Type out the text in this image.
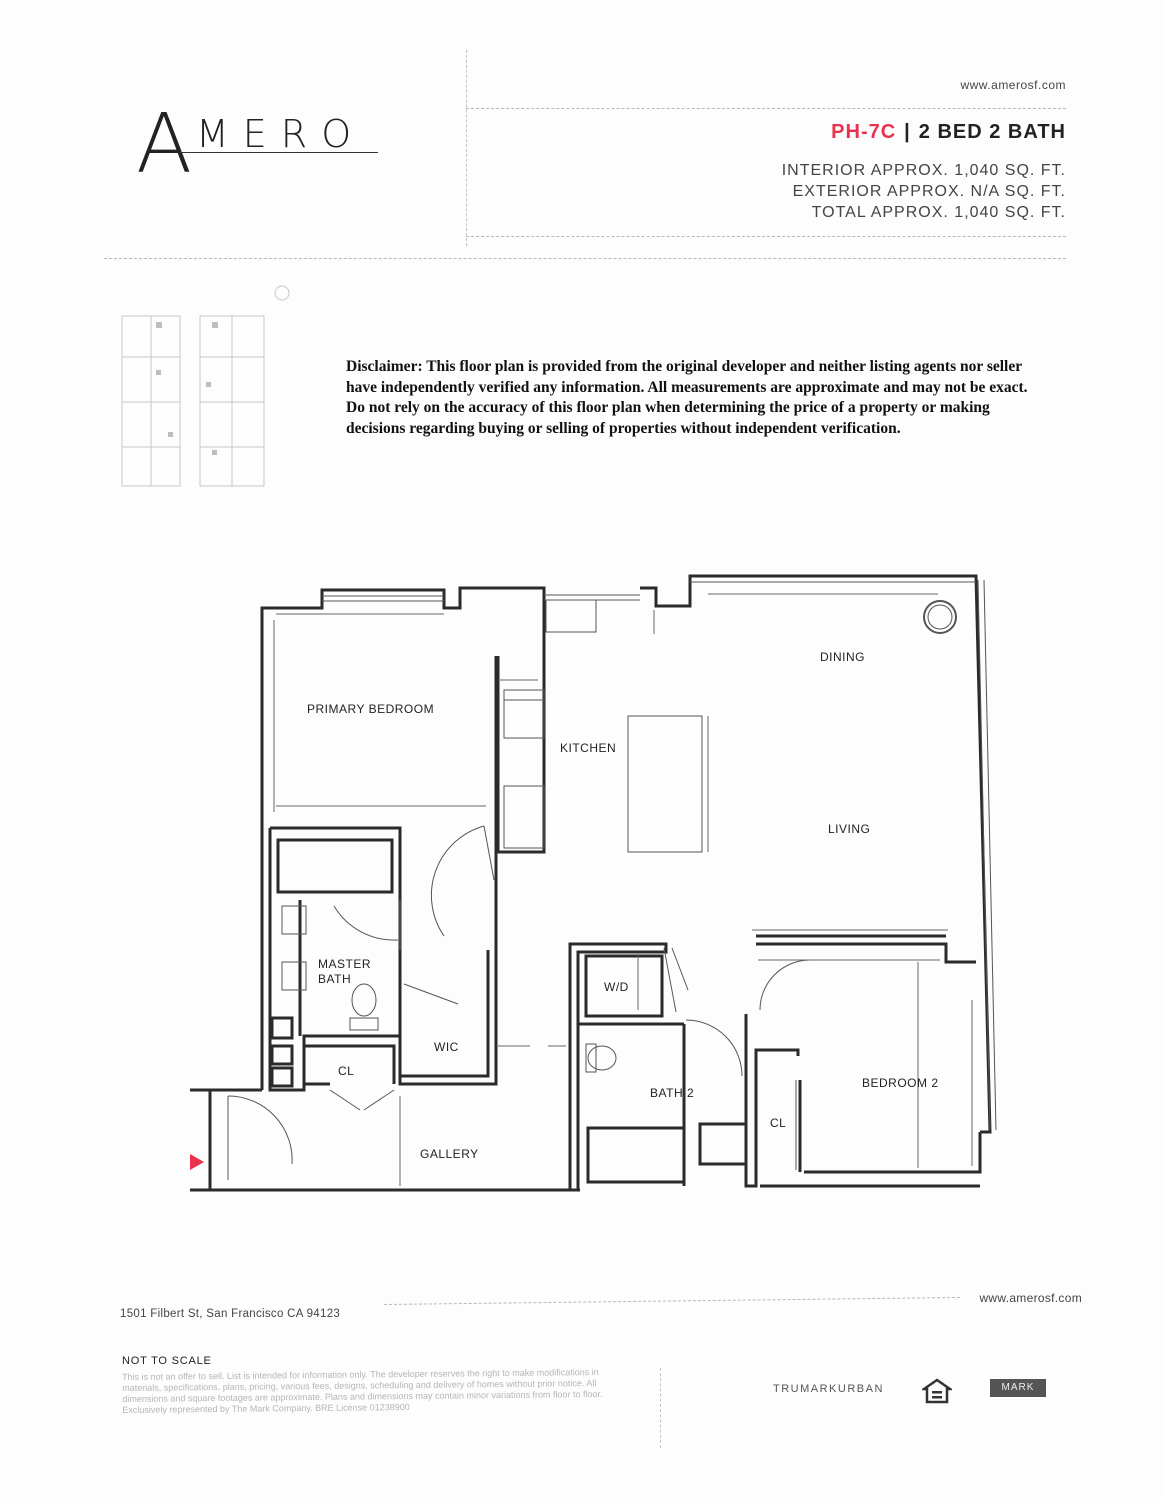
www.amerosf.com
A MERO	PH-7C | 2 BED 2 BATH
INTERIOR APPROX. 1,040 SQ. FT.
EXTERIOR APPROX. N/A SQ. FT.
TOTAL APPROX. 1,040 SQ. FT.
Disclaimer: This floor plan is provided from the original developer and neither listing agents nor seller have independently verified any information. All measurements are approximate and may not be exact. Do not rely on the accuracy of this floor plan when determining the price of a property or making decisions regarding buying or selling of properties without independent verification.
PRIMARY BEDROOM
KITCHEN
DINING
LIVING
MASTER BATH
WIC
CL
GALLERY
W/D
BATH 2
BEDROOM 2
CL
www.amerosf.com
1501 Filbert St, San Francisco CA 94123
NOT TO SCALE
This is not an offer to sell. List is intended for information only. The developer reserves the right to make modifications in materials, specifications, plans, pricing, various fees, designs, scheduling and delivery of homes without prior notice. All dimensions and square footages are approximate. Plans and dimensions may contain minor variations from floor to floor. Exclusively represented by The Mark Company. BRE License 01238900
TRUMARKURBAN	MARK
